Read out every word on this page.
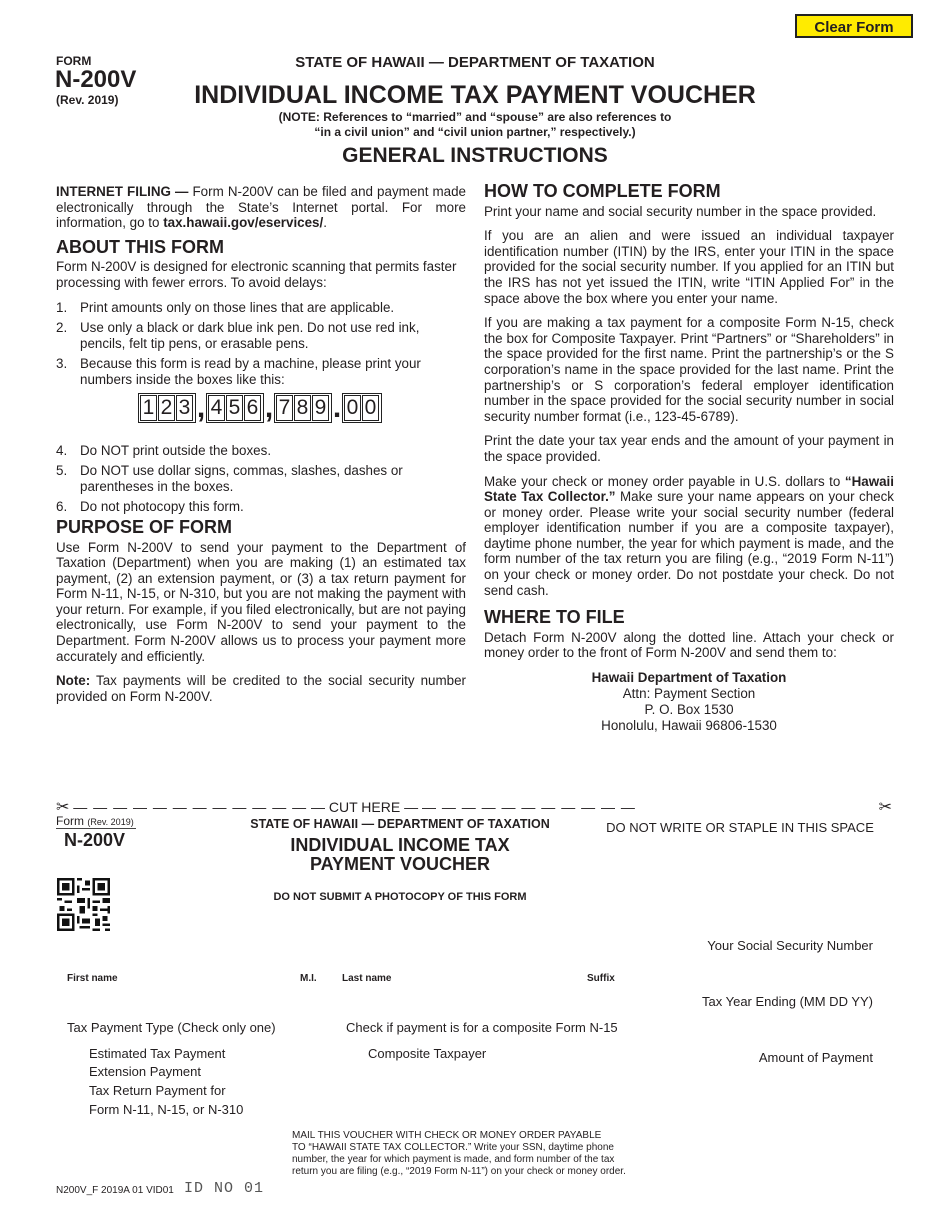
Clear Form
FORM
N-200V
(Rev. 2019)
STATE OF HAWAII — DEPARTMENT OF TAXATION
INDIVIDUAL INCOME TAX PAYMENT VOUCHER
(NOTE: References to “married” and “spouse” are also references to
“in a civil union” and “civil union partner,” respectively.)
GENERAL INSTRUCTIONS

INTERNET FILING — Form N-200V can be filed and payment made electronically through the State’s Internet portal. For more information, go to tax.hawaii.gov/eservices/.

ABOUT THIS FORM

Form N-200V is designed for electronic scanning that permits faster processing with fewer errors. To avoid delays:

1. Print amounts only on those lines that are applicable.
2. Use only a black or dark blue ink pen. Do not use red ink, pencils, felt tip pens, or erasable pens.
3. Because this form is read by a machine, please print your numbers inside the boxes like this:
1 2 3 , 4 5 6 , 7 8 9 . 0 0
4. Do NOT print outside the boxes.
5. Do NOT use dollar signs, commas, slashes, dashes or parentheses in the boxes.
6. Do not photocopy this form.
PURPOSE OF FORM

Use Form N-200V to send your payment to the Department of Taxation (Department) when you are making (1) an estimated tax payment, (2) an extension payment, or (3) a tax return payment for Form N-11, N-15, or N-310, but you are not making the payment with your return. For example, if you filed electronically, but are not paying electronically, use Form N-200V to send your payment to the Department. Form N-200V allows us to process your payment more accurately and efficiently.

Note: Tax payments will be credited to the social security number provided on Form N-200V.

HOW TO COMPLETE FORM

Print your name and social security number in the space provided.

If you are an alien and were issued an individual taxpayer identification number (ITIN) by the IRS, enter your ITIN in the space provided for the social security number. If you applied for an ITIN but the IRS has not yet issued the ITIN, write “ITIN Applied For” in the space above the box where you enter your name.

If you are making a tax payment for a composite Form N-15, check the box for Composite Taxpayer. Print “Partners” or “Shareholders” in the space provided for the first name. Print the partnership’s or the S corporation’s name in the space provided for the last name. Print the partnership’s or S corporation’s federal employer identification number in the space provided for the social security number in social security number format (i.e., 123-45-6789).

Print the date your tax year ends and the amount of your payment in the space provided.

Make your check or money order payable in U.S. dollars to “Hawaii State Tax Collector.” Make sure your name appears on your check or money order. Please write your social security number (federal employer identification number if you are a composite taxpayer), daytime phone number, the year for which payment is made, and the form number of the tax return you are filing (e.g., “2019 Form N-11”) on your check or money order. Do not postdate your check. Do not send cash.

WHERE TO FILE

Detach Form N-200V along the dotted line. Attach your check or money order to the front of Form N-200V and send them to:

Hawaii Department of Taxation
Attn: Payment Section
P. O. Box 1530
Honolulu, Hawaii 96806-1530
✂ — — — — — — — — — — — — — CUT HERE — — — — — — — — — — — —	✂
Form (Rev. 2019)
N-200V
STATE OF HAWAII — DEPARTMENT OF TAXATION
INDIVIDUAL INCOME TAX
PAYMENT VOUCHER
DO NOT WRITE OR STAPLE IN THIS SPACE
DO NOT SUBMIT A PHOTOCOPY OF THIS FORM
Your Social Security Number
First name	M.I.	Last name	Suffix
Tax Year Ending (MM DD YY)
Tax Payment Type (Check only one)	Check if payment is for a composite Form N-15
Estimated Tax Payment	Composite Taxpayer	Amount of Payment
Extension Payment
Tax Return Payment for
Form N-11, N-15, or N-310
MAIL THIS VOUCHER WITH CHECK OR MONEY ORDER PAYABLE
TO “HAWAII STATE TAX COLLECTOR.” Write your SSN, daytime phone
number, the year for which payment is made, and form number of the tax
return you are filing (e.g., “2019 Form N-11”) on your check or money order.
N200V_F 2019A 01 VID01 ID NO 01
